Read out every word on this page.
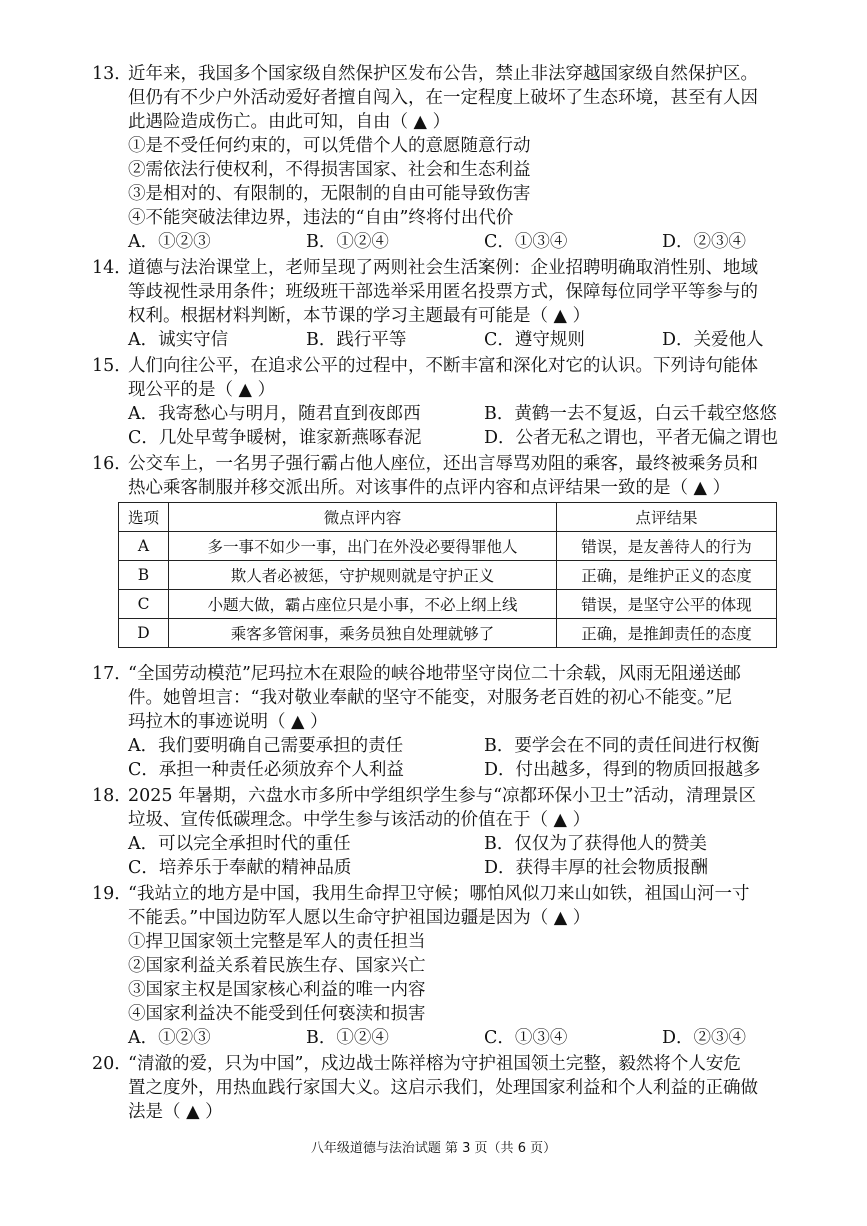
13．
近年来，我国多个国家级自然保护区发布公告，禁止非法穿越国家级自然保护区。
但仍有不少户外活动爱好者擅自闯入，在一定程度上破坏了生态环境，甚至有人因
此遇险造成伤亡。由此可知，自由（ ▲ ）
①是不受任何约束的，可以凭借个人的意愿随意行动
②需依法行使权利，不得损害国家、社会和生态利益
③是相对的、有限制的，无限制的自由可能导致伤害
④不能突破法律边界，违法的“自由”终将付出代价
A．①②③	B．①②④	C．①③④	D．②③④
14．
道德与法治课堂上，老师呈现了两则社会生活案例：企业招聘明确取消性别、地域
等歧视性录用条件；班级班干部选举采用匿名投票方式，保障每位同学平等参与的
权利。根据材料判断，本节课的学习主题最有可能是（ ▲ ）
A．诚实守信	B．践行平等	C．遵守规则	D．关爱他人
15．
人们向往公平，在追求公平的过程中，不断丰富和深化对它的认识。下列诗句能体
现公平的是（ ▲ ）
A．我寄愁心与明月，随君直到夜郎西	B．黄鹤一去不复返，白云千载空悠悠
C．几处早莺争暖树，谁家新燕啄春泥	D．公者无私之谓也，平者无偏之谓也
16．
公交车上，一名男子强行霸占他人座位，还出言辱骂劝阻的乘客，最终被乘务员和
热心乘客制服并移交派出所。对该事件的点评内容和点评结果一致的是（ ▲ ）
选项	微点评内容	点评结果
A	多一事不如少一事，出门在外没必要得罪他人	错误，是友善待人的行为
B	欺人者必被惩，守护规则就是守护正义	正确，是维护正义的态度
C	小题大做，霸占座位只是小事，不必上纲上线	错误，是坚守公平的体现
D	乘客多管闲事，乘务员独自处理就够了	正确，是推卸责任的态度
17．
“全国劳动模范”尼玛拉木在艰险的峡谷地带坚守岗位二十余载，风雨无阻递送邮
件。她曾坦言：“我对敬业奉献的坚守不能变，对服务老百姓的初心不能变。”尼
玛拉木的事迹说明（ ▲ ）
A．我们要明确自己需要承担的责任	B．要学会在不同的责任间进行权衡
C．承担一种责任必须放弃个人利益	D．付出越多，得到的物质回报越多
18．
2025 年暑期，六盘水市多所中学组织学生参与“凉都环保小卫士”活动，清理景区
垃圾、宣传低碳理念。中学生参与该活动的价值在于（ ▲ ）
A．可以完全承担时代的重任	B．仅仅为了获得他人的赞美
C．培养乐于奉献的精神品质	D．获得丰厚的社会物质报酬
19．
“我站立的地方是中国，我用生命捍卫守候；哪怕风似刀来山如铁，祖国山河一寸
不能丢。”中国边防军人愿以生命守护祖国边疆是因为（ ▲ ）
①捍卫国家领土完整是军人的责任担当
②国家利益关系着民族生存、国家兴亡
③国家主权是国家核心利益的唯一内容
④国家利益决不能受到任何亵渎和损害
A．①②③	B．①②④	C．①③④	D．②③④
20．
“清澈的爱，只为中国”，戍边战士陈祥榕为守护祖国领土完整，毅然将个人安危
置之度外，用热血践行家国大义。这启示我们，处理国家利益和个人利益的正确做
法是（ ▲ ）
八年级道德与法治试题 第 3 页（共 6 页）
